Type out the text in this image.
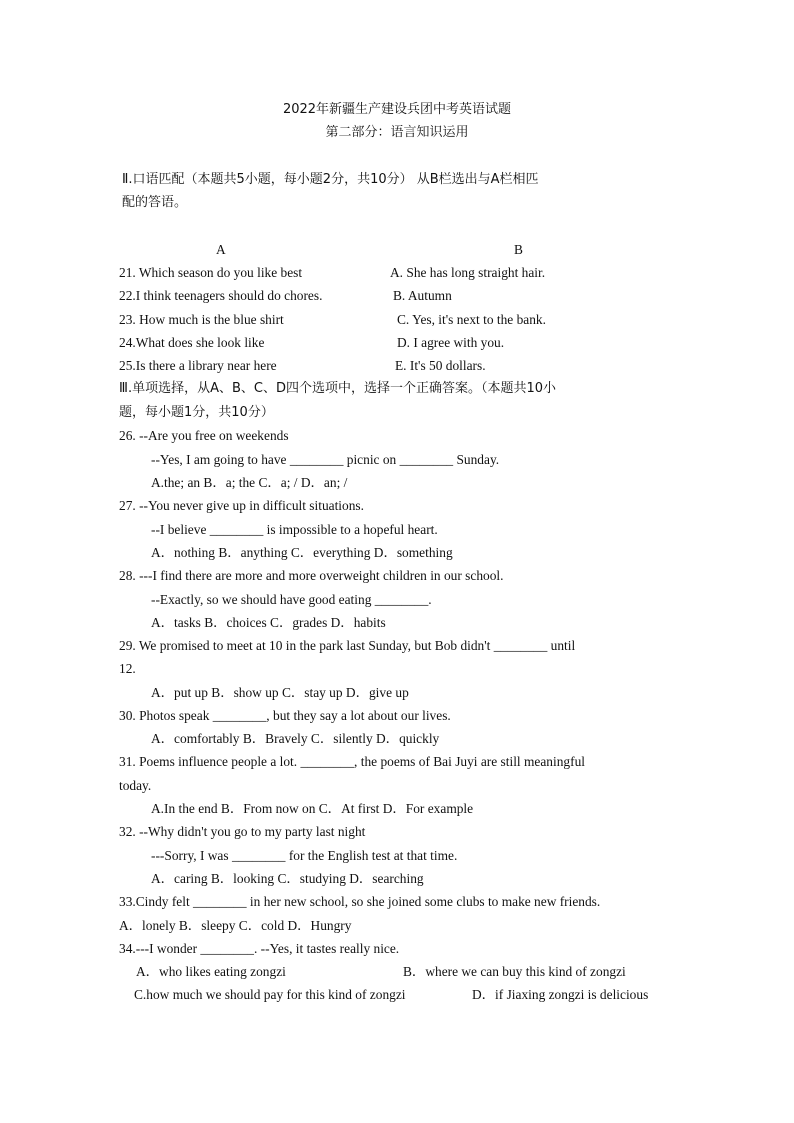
2022年新疆生产建设兵团中考英语试题
第二部分：语言知识运用
Ⅱ.口语匹配（本题共5小题，每小题2分，共10分） 从B栏选出与A栏相匹
配的答语。
A	B
21. Which season do you like best	A. She has long straight hair.
22.I think teenagers should do chores.	B. Autumn
23. How much is the blue shirt	C. Yes, it's next to the bank.
24.What does she look like	D. I agree with you.
25.Is there a library near here	E. It's 50 dollars.
Ⅲ.单项选择，从A、B、C、D四个选项中，选择一个正确答案。（本题共10小
题，每小题1分，共10分）
26. --Are you free on weekends
--Yes, I am going to have ________ picnic on ________ Sunday.
A.the; an B．a; the C．a; / D．an; /
27. --You never give up in difficult situations.
--I believe ________ is impossible to a hopeful heart.
A．nothing B．anything C．everything D．something
28. ---I find there are more and more overweight children in our school.
--Exactly, so we should have good eating ________.
A．tasks B．choices C．grades D．habits
29. We promised to meet at 10 in the park last Sunday, but Bob didn't ________ until
12.
A．put up B．show up C．stay up D．give up
30. Photos speak ________, but they say a lot about our lives.
A．comfortably B．Bravely C．silently D．quickly
31. Poems influence people a lot. ________, the poems of Bai Juyi are still meaningful
today.
A.In the end B．From now on C．At first D．For example
32. --Why didn't you go to my party last night
---Sorry, I was ________ for the English test at that time.
A．caring B．looking C．studying D．searching
33.Cindy felt ________ in her new school, so she joined some clubs to make new friends.
A．lonely B．sleepy C．cold D．Hungry
34.---I wonder ________. --Yes, it tastes really nice.
A．who likes eating zongzi	B．where we can buy this kind of zongzi
C.how much we should pay for this kind of zongzi	D．if Jiaxing zongzi is delicious
